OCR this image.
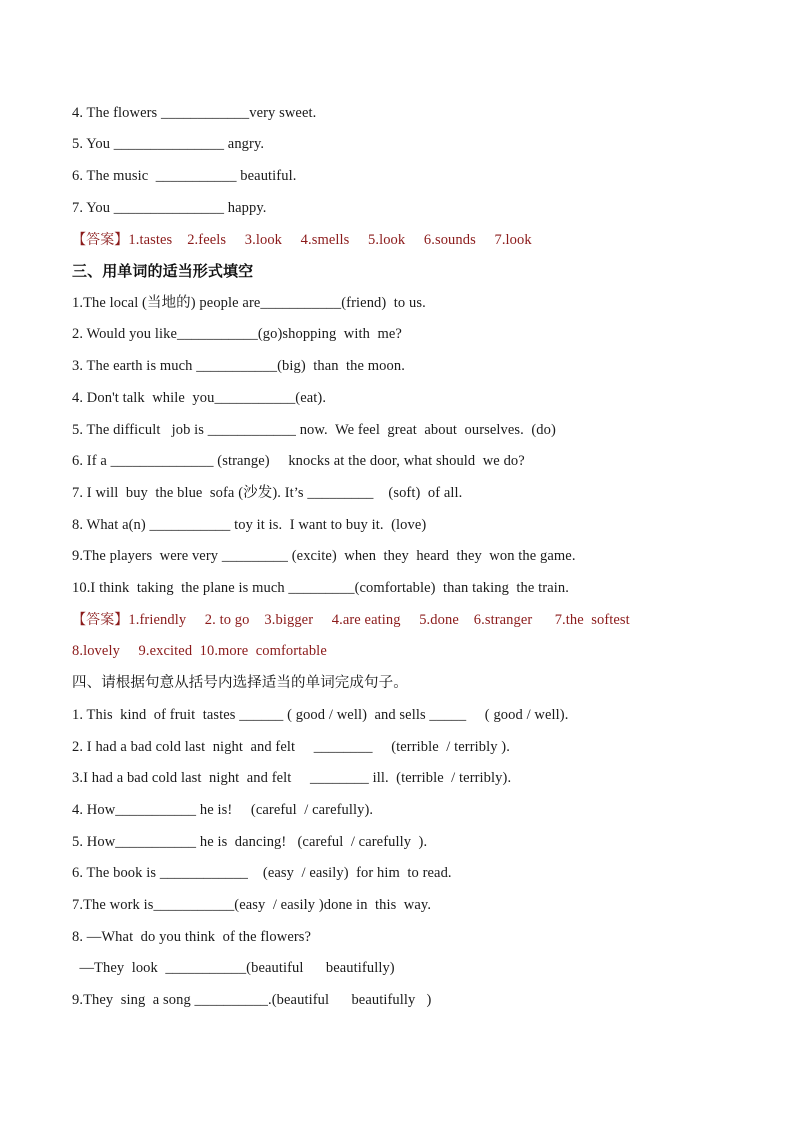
4. The flowers ____________very sweet.
5. You _______________ angry.
6. The music  ___________ beautiful.
7. You _______________ happy.
【答案】1.tastes    2.feels     3.look     4.smells     5.look     6.sounds     7.look
三、用单词的适当形式填空
1.The local (当地的) people are___________(friend)  to us.
2. Would you like___________(go)shopping  with  me?
3. The earth is much ___________(big)  than  the moon.
4. Don't talk  while  you___________(eat).
5. The difficult   job is ____________ now.  We feel  great  about  ourselves.  (do)
6. If a ______________ (strange)     knocks at the door, what should  we do?
7. I will  buy  the blue  sofa (沙发). It’s _________    (soft)  of all.
8. What a(n) ___________ toy it is.  I want to buy it.  (love)
9.The players  were very _________ (excite)  when  they  heard  they  won the game.
10.I think  taking  the plane is much _________(comfortable)  than taking  the train.
【答案】1.friendly     2. to go    3.bigger     4.are eating     5.done    6.stranger      7.the  softest
8.lovely     9.excited  10.more  comfortable
四、请根据句意从括号内选择适当的单词完成句子。
1. This  kind  of fruit  tastes ______ ( good / well)  and sells _____     ( good / well).
2. I had a bad cold last  night  and felt     ________     (terrible  / terribly ).
3.I had a bad cold last  night  and felt     ________ ill.  (terrible  / terribly).
4. How___________ he is!     (careful  / carefully).
5. How___________ he is  dancing!   (careful  / carefully  ).
6. The book is ____________    (easy  / easily)  for him  to read.
7.The work is___________(easy  / easily )done in  this  way.
8. —What  do you think  of the flowers?
—They  look  ___________(beautiful      beautifully)
9.They  sing  a song __________.(beautiful      beautifully   )
